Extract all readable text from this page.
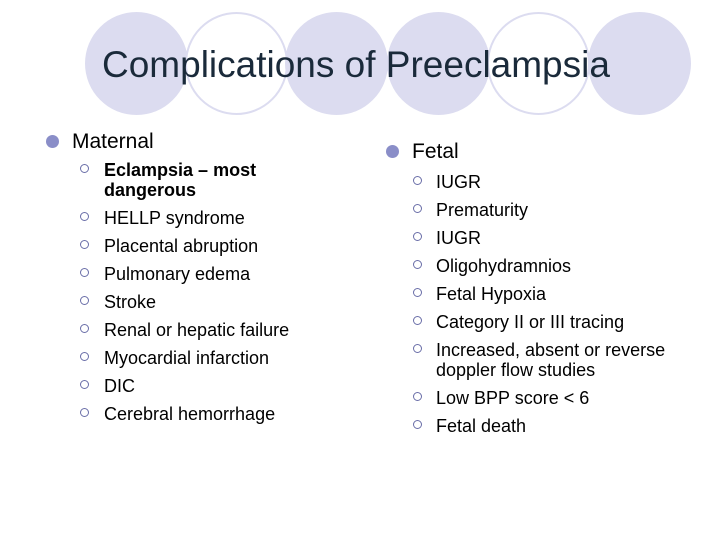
Complications of Preeclampsia
Maternal
Eclampsia – most dangerous
HELLP syndrome
Placental abruption
Pulmonary edema
Stroke
Renal or hepatic failure
Myocardial infarction
DIC
Cerebral hemorrhage
Fetal
IUGR
Prematurity
IUGR
Oligohydramnios
Fetal Hypoxia
Category II or III tracing
Increased, absent or reverse doppler flow studies
Low BPP score < 6
Fetal death
